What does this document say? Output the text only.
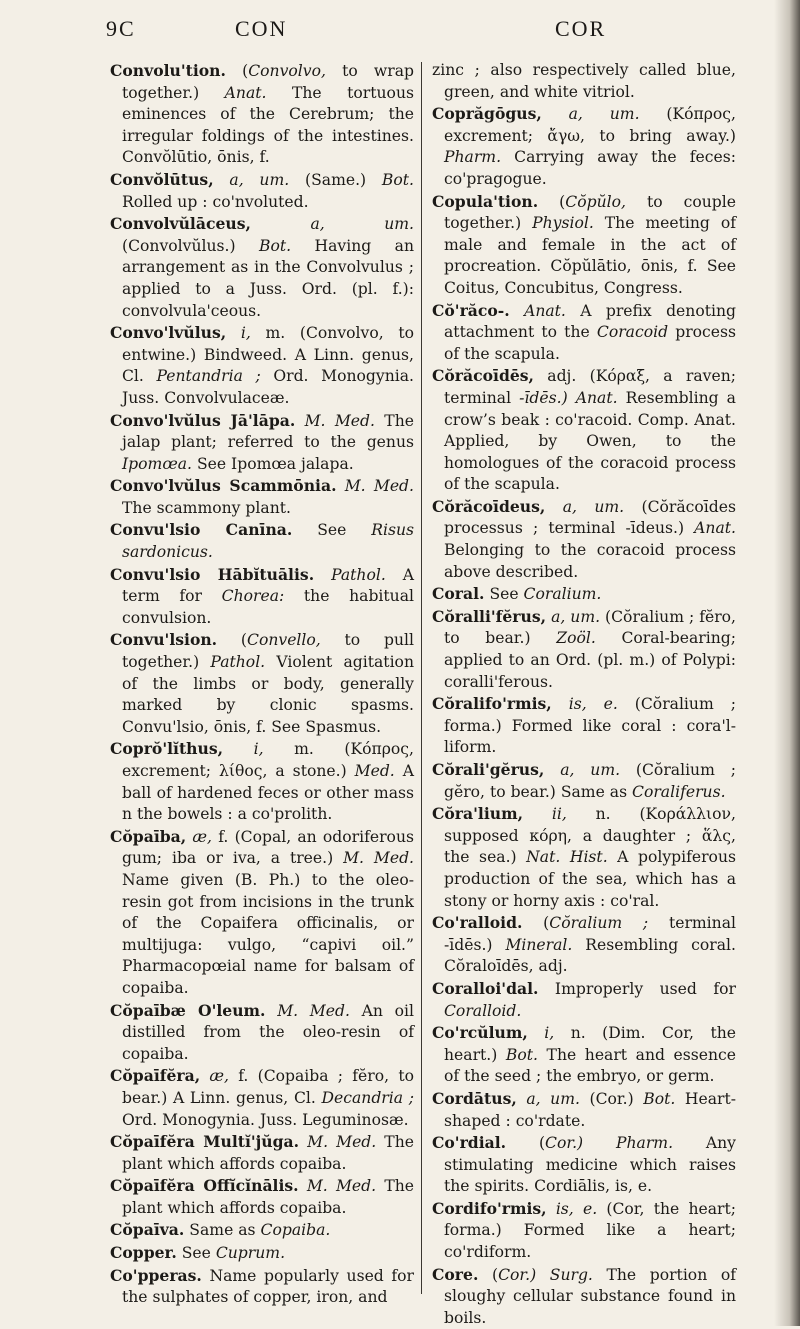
9C	CON	COR

Convolu'tion. (Convolvo, to wrap together.) Anat. The tortuous eminences of the Cerebrum; the irregular foldings of the intestines. Convŏlūtio, ōnis, f.

Convŏlūtus, a, um. (Same.) Bot. Rolled up : co'nvoluted.

Convolvŭlāceus,	a, um. (Convolvŭlus.) Bot. Having an arrangement as in the Convolvulus ; applied to a Juss. Ord. (pl. f.): convolvula'ceous.

Convo'lvŭlus, i, m. (Convolvo, to entwine.) Bindweed. A Linn. genus, Cl. Pentandria ; Ord. Monogynia. Juss. Convolvulaceæ.

Convo'lvŭlus Jā'lāpa. M. Med. The jalap plant; referred to the genus Ipomœa. See Ipomœa jalapa.

Convo'lvŭlus Scammōnia. M. Med. The scammony plant.

Convu'lsio Canīna. See Risus sardonicus.

Convu'lsio Hābĭtuālis. Pathol. A term for Chorea: the habitual convulsion.

Convu'lsion. (Convello, to pull together.) Pathol. Violent agitation of the limbs or body, generally marked by clonic spasms. Convu'lsio, ōnis, f. See Spasmus.

Coprŏ'lĭthus, i, m. (Κόπρος, excrement; λίθος, a stone.) Med. A ball of hardened feces or other mass n the bowels : a co'prolith.

Cŏpaība, æ, f. (Copal, an odoriferous gum; iba or iva, a tree.) M. Med. Name given (B. Ph.) to the oleo-resin got from incisions in the trunk of the Copaifera officinalis, or multijuga: vulgo, “capivi oil.” Pharmacopœial name for balsam of copaiba.

Cŏpaībæ O'leum. M. Med. An oil distilled from the oleo-resin of copaiba.

Cŏpaīfĕra, æ, f. (Copaiba ; fĕro, to bear.) A Linn. genus, Cl. Decandria ; Ord. Monogynia. Juss. Leguminosæ.

Cŏpaīfĕra Multĭ'jŭga. M. Med. The plant which affords copaiba.

Cŏpaīfĕra Offĭcĭnālis. M. Med. The plant which affords copaiba.

Cŏpaīva. Same as Copaiba.

Copper. See Cuprum.

Co'pperas. Name popularly used for the sulphates of copper, iron, and

zinc ; also respectively called blue, green, and white vitriol.

Coprăgōgus, a, um. (Κόπρος, excrement; ἄγω, to bring away.) Pharm. Carrying away the feces: co'pragogue.

Copula'tion. (Cŏpŭlo, to couple together.) Physiol. The meeting of male and female in the act of procreation. Cŏpŭlātio, ōnis, f. See Coitus, Concubitus, Congress.

Cŏ'răco-. Anat. A prefix denoting attachment to the Coracoid process of the scapula.

Cŏrăcoīdēs, adj. (Κόραξ, a raven; terminal -īdēs.) Anat. Resembling a crow’s beak : co'racoid. Comp. Anat. Applied, by Owen, to the homologues of the coracoid process of the scapula.

Cŏrăcoīdeus, a, um. (Cŏrăcoīdes processus ; terminal -īdeus.) Anat. Belonging to the coracoid process above described.

Coral. See Coralium.

Cŏralli'fĕrus, a, um. (Cŏralium ; fĕro, to bear.) Zoöl. Coral-bearing; applied to an Ord. (pl. m.) of Polypi: coralli'ferous.

Cŏralifo'rmis, is, e. (Cŏralium ; forma.) Formed like coral : cora'l-liform.

Cŏrali'gĕrus, a, um. (Cŏralium ; gĕro, to bear.) Same as Coraliferus.

Cŏra'lium, ii, n. (Κοράλλιον, supposed κόρη, a daughter ; ἅλς, the sea.) Nat. Hist. A polypiferous production of the sea, which has a stony or horny axis : co'ral.

Co'ralloid. (Cŏralium ; terminal -īdēs.) Mineral. Resembling coral. Cŏraloīdēs, adj.

Coralloi'dal. Improperly used for Coralloid.

Co'rcŭlum, i, n. (Dim. Cor, the heart.) Bot. The heart and essence of the seed ; the embryo, or germ.

Cordātus, a, um. (Cor.) Bot. Heart-shaped : co'rdate.

Co'rdial. (Cor.) Pharm. Any stimulating medicine which raises the spirits. Cordiālis, is, e.

Cordifo'rmis, is, e. (Cor, the heart; forma.) Formed like a heart; co'rdiform.

Core. (Cor.) Surg. The portion of sloughy cellular substance found in boils.
